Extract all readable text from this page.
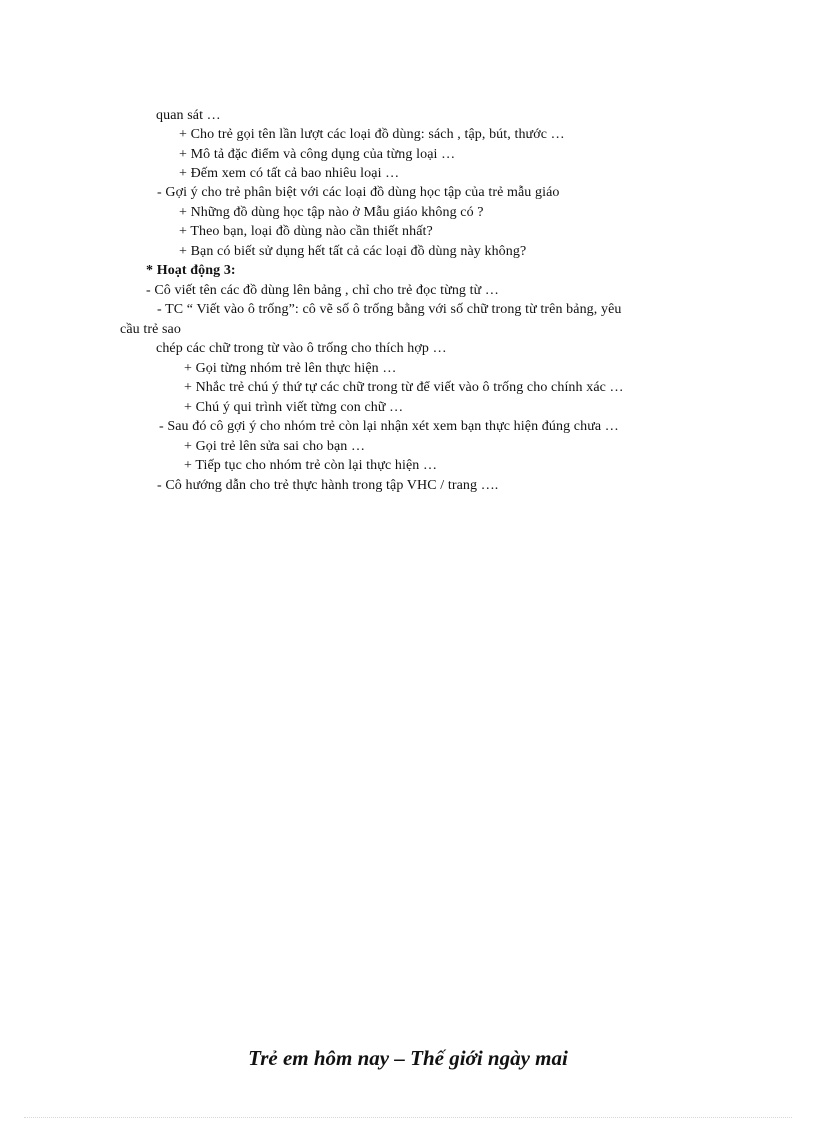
quan sát …
+ Cho trẻ gọi tên lần lượt các loại đồ dùng: sách , tập, bút, thước …
+ Mô tả đặc điểm và công dụng của từng loại …
+ Đếm xem có tất cả bao nhiêu loại …
- Gợi ý cho trẻ phân biệt với các loại đồ dùng học tập của trẻ mẫu giáo
+ Những đồ dùng học tập nào ở Mẫu giáo không có ?
+ Theo bạn, loại đồ dùng nào cần thiết nhất?
+ Bạn có biết sử dụng hết tất cả các loại đồ dùng này không?
* Hoạt động 3:
- Cô viết tên các đồ dùng lên bảng , chỉ cho trẻ đọc từng từ …
- TC “ Viết vào ô trống”: cô vẽ số ô trống bằng với số chữ trong từ trên bảng, yêu
cầu trẻ sao
chép các chữ trong từ vào ô trống cho thích hợp …
+ Gọi từng nhóm trẻ lên thực hiện …
+ Nhắc trẻ chú ý thứ tự các chữ trong từ để viết vào ô trống cho chính xác …
+ Chú ý qui trình viết từng con chữ …
- Sau đó cô gợi ý cho nhóm trẻ còn lại nhận xét xem bạn thực hiện đúng chưa …
+ Gọi trẻ lên sửa sai cho bạn …
+ Tiếp tục cho nhóm trẻ còn lại thực hiện …
- Cô hướng dẫn cho trẻ thực hành trong tập VHC / trang ….
Trẻ em hôm nay – Thế giới ngày mai
